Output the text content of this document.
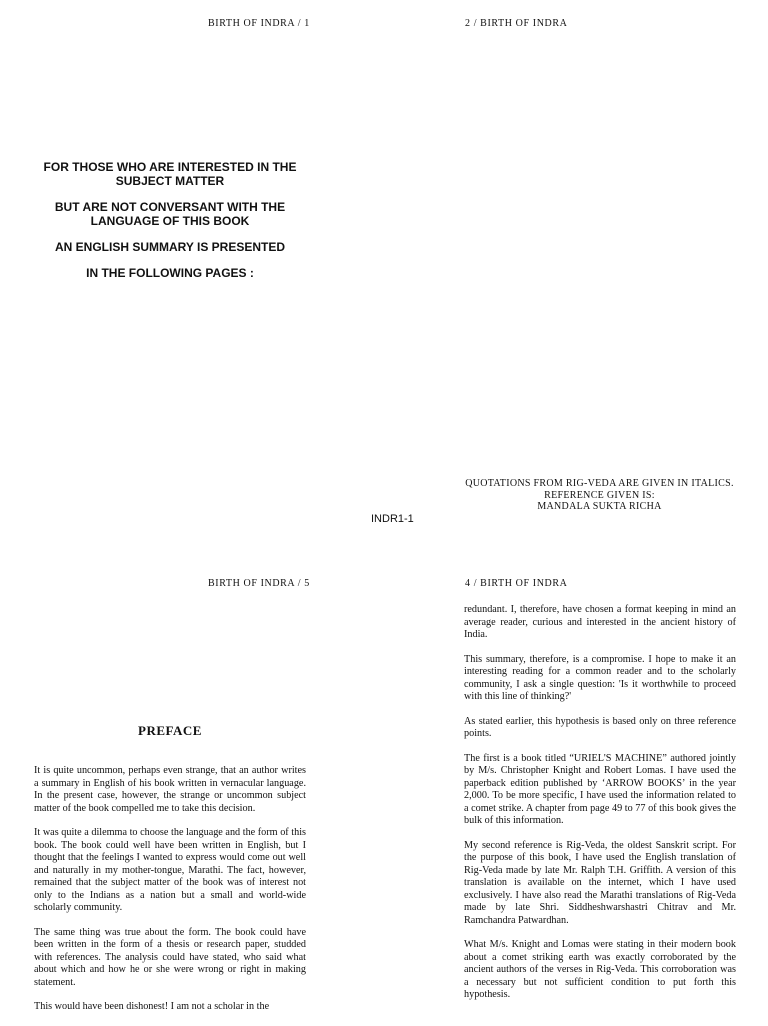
BIRTH OF INDRA / 1	2 / BIRTH OF INDRA
BIRTH OF INDRA / 5	4 / BIRTH OF INDRA

FOR THOSE WHO ARE INTERESTED IN THE SUBJECT MATTER

BUT ARE NOT CONVERSANT WITH THE LANGUAGE OF THIS BOOK

AN ENGLISH SUMMARY IS PRESENTED

IN THE FOLLOWING PAGES :

QUOTATIONS FROM RIG-VEDA ARE GIVEN IN ITALICS.
REFERENCE GIVEN IS:
MANDALA SUKTA RICHA
INDR1-1
PREFACE

It is quite uncommon, perhaps even strange, that an author writes a summary in English of his book written in vernacular language. In the present case, however, the strange or uncommon subject matter of the book compelled me to take this decision.

It was quite a dilemma to choose the language and the form of this book. The book could well have been written in English, but I thought that the feelings I wanted to express would come out well and naturally in my mother-tongue, Marathi. The fact, however, remained that the subject matter of the book was of interest not only to the Indians as a nation but a small and world-wide scholarly community.

The same thing was true about the form. The book could have been written in the form of a thesis or research paper, studded with references. The analysis could have stated, who said what about which and how he or she were wrong or right in making statement.

This would have been dishonest! I am not a scholar in the

redundant. I, therefore, have chosen a format keeping in mind an average reader, curious and interested in the ancient history of India.

This summary, therefore, is a compromise. I hope to make it an interesting reading for a common reader and to the scholarly community, I ask a single question: 'Is it worthwhile to proceed with this line of thinking?'

As stated earlier, this hypothesis is based only on three reference points.

The first is a book titled “URIEL'S MACHINE” authored jointly by M/s. Christopher Knight and Robert Lomas. I have used the paperback edition published by ‘ARROW BOOKS’ in the year 2,000. To be more specific, I have used the information related to a comet strike. A chapter from page 49 to 77 of this book gives the bulk of this information.

My second reference is Rig-Veda, the oldest Sanskrit script. For the purpose of this book, I have used the English translation of Rig-Veda made by late Mr. Ralph T.H. Griffith. A version of this translation is available on the internet, which I have used exclusively. I have also read the Marathi translations of Rig-Veda made by late Shri. Siddheshwarshastri Chitrav and Mr. Ramchandra Patwardhan.

What M/s. Knight and Lomas were stating in their modern book about a comet striking earth was exactly corroborated by the ancient authors of the verses in Rig-Veda. This corroboration was a necessary but not sufficient condition to put forth this hypothesis.
